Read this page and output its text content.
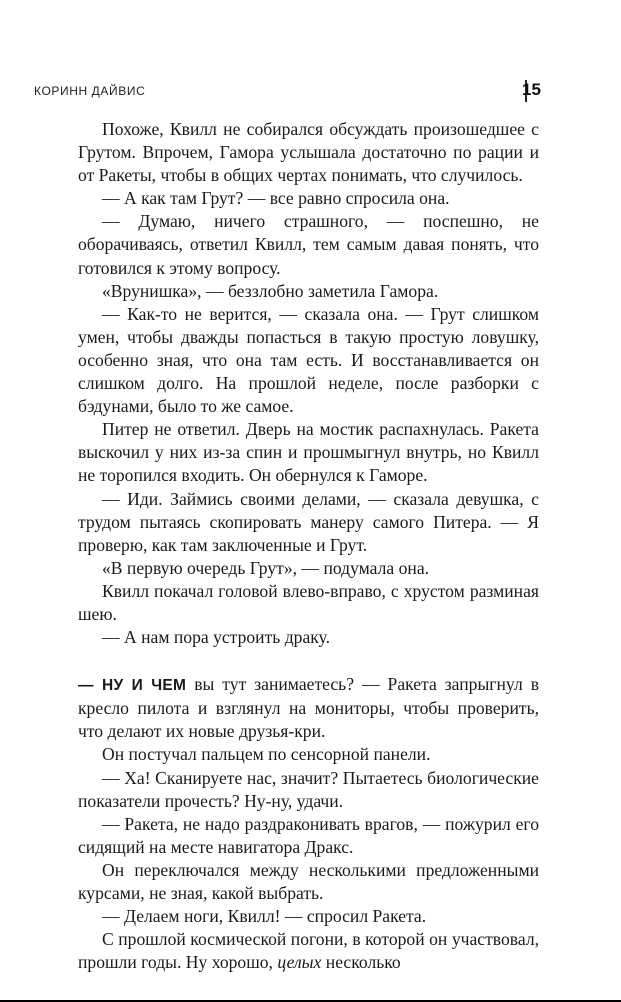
КОРИНН ДАЙВИС	15

Похоже, Квилл не собирался обсуждать произошедшее с Грутом. Впрочем, Гамора услышала достаточно по рации и от Ракеты, чтобы в общих чертах понимать, что случилось.

— А как там Грут? — все равно спросила она.

— Думаю, ничего страшного, — поспешно, не оборачиваясь, ответил Квилл, тем самым давая понять, что готовился к этому вопросу.

«Врунишка», — беззлобно заметила Гамора.

— Как-то не верится, — сказала она. — Грут слишком умен, чтобы дважды попасться в такую простую ловушку, особенно зная, что она там есть. И восстанавливается он слишком долго. На прошлой неделе, после разборки с бэдунами, было то же самое.

Питер не ответил. Дверь на мостик распахнулась. Ракета выскочил у них из-за спин и прошмыгнул внутрь, но Квилл не торопился входить. Он обернулся к Гаморе.

— Иди. Займись своими делами, — сказала девушка, с трудом пытаясь скопировать манеру самого Питера. — Я проверю, как там заключенные и Грут.

«В первую очередь Грут», — подумала она.

Квилл покачал головой влево-вправо, с хрустом разминая шею.

— А нам пора устроить драку.

— НУ И ЧЕМ вы тут занимаетесь? — Ракета запрыгнул в кресло пилота и взглянул на мониторы, чтобы проверить, что делают их новые друзья-кри.

Он постучал пальцем по сенсорной панели.

— Ха! Сканируете нас, значит? Пытаетесь биологические показатели прочесть? Ну-ну, удачи.

— Ракета, не надо раздраконивать врагов, — пожурил его сидящий на месте навигатора Дракс.

Он переключался между несколькими предложенными курсами, не зная, какой выбрать.

— Делаем ноги, Квилл! — спросил Ракета.

С прошлой космической погони, в которой он участвовал, прошли годы. Ну хорошо, целых несколько
